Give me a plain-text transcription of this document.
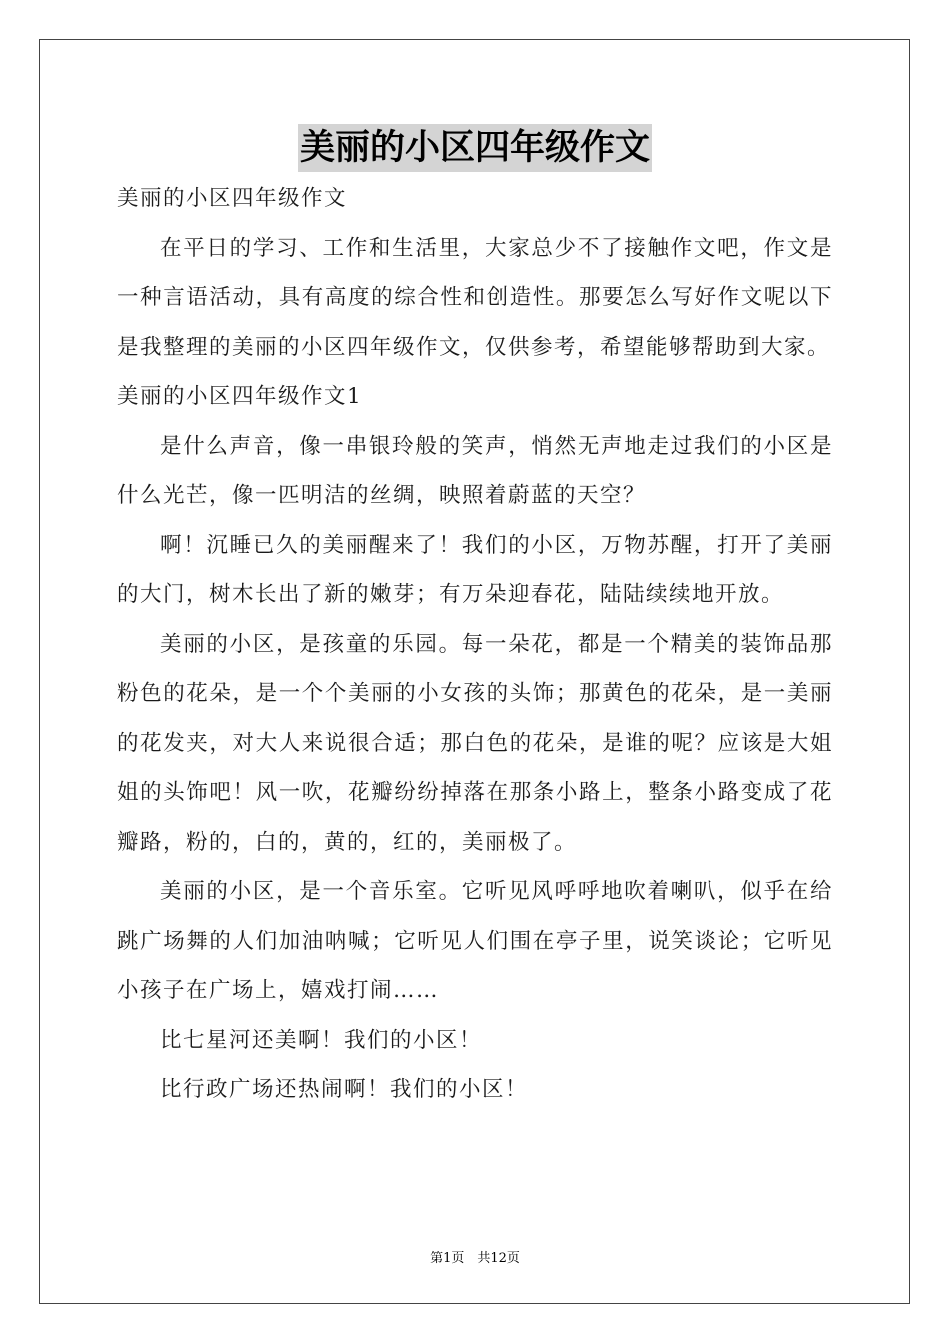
美丽的小区四年级作文

美丽的小区四年级作文

在平日的学习、工作和生活里，大家总少不了接触作文吧，作文是一种言语活动，具有高度的综合性和创造性。那要怎么写好作文呢以下是我整理的美丽的小区四年级作文，仅供参考，希望能够帮助到大家。

美丽的小区四年级作文1

是什么声音，像一串银玲般的笑声，悄然无声地走过我们的小区是什么光芒，像一匹明洁的丝绸，映照着蔚蓝的天空？

啊！沉睡已久的美丽醒来了！我们的小区，万物苏醒，打开了美丽的大门，树木长出了新的嫩芽；有万朵迎春花，陆陆续续地开放。

美丽的小区，是孩童的乐园。每一朵花，都是一个精美的装饰品那粉色的花朵，是一个个美丽的小女孩的头饰；那黄色的花朵，是一美丽的花发夹，对大人来说很合适；那白色的花朵，是谁的呢？应该是大姐姐的头饰吧！风一吹，花瓣纷纷掉落在那条小路上，整条小路变成了花瓣路，粉的，白的，黄的，红的，美丽极了。

美丽的小区，是一个音乐室。它听见风呼呼地吹着喇叭，似乎在给跳广场舞的人们加油呐喊；它听见人们围在亭子里，说笑谈论；它听见小孩子在广场上，嬉戏打闹……

比七星河还美啊！我们的小区！

比行政广场还热闹啊！我们的小区！

第1页　共12页
